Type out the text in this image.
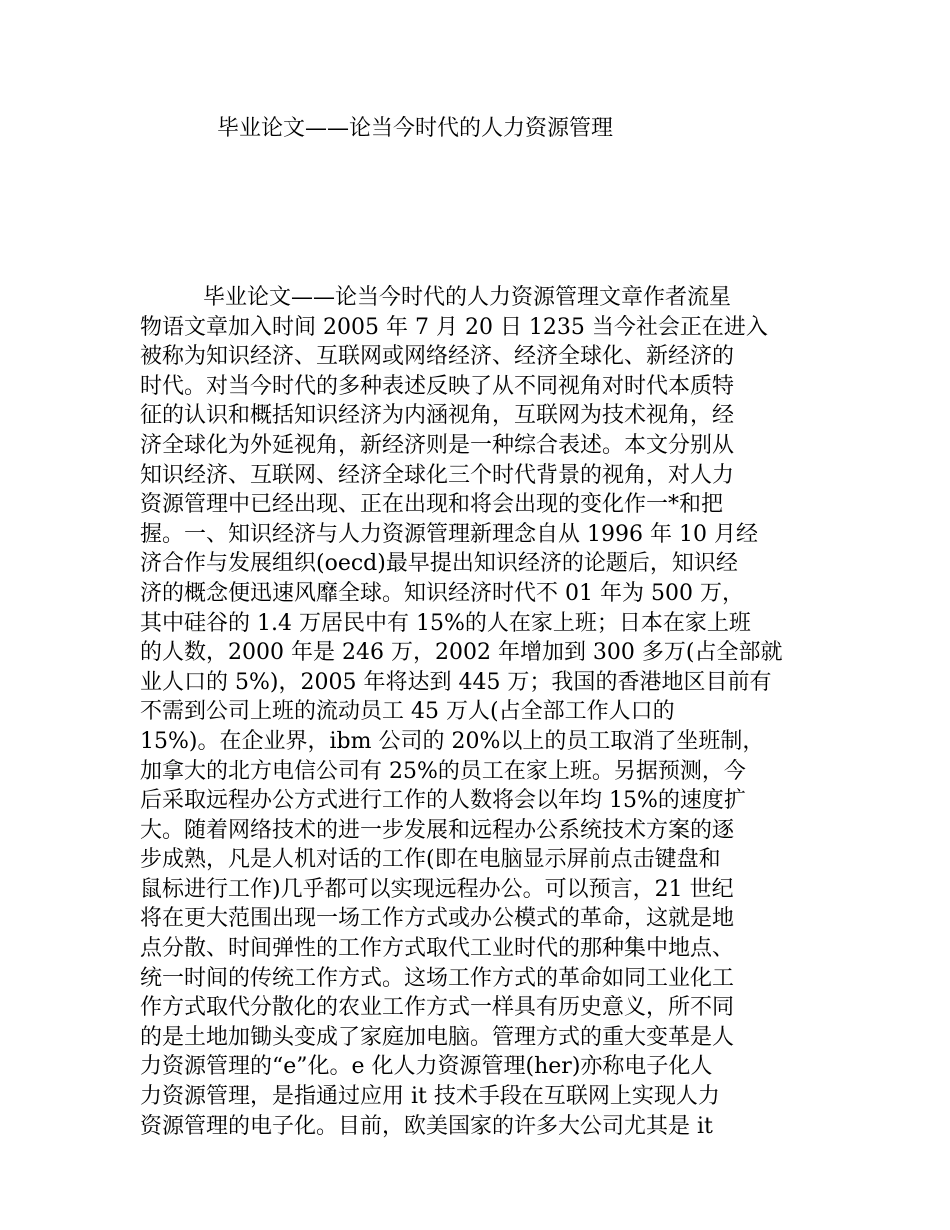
毕业论文——论当今时代的人力资源管理
毕业论文——论当今时代的人力资源管理文章作者流星
物语文章加入时间 2005 年 7 月 20 日 1235 当今社会正在进入
被称为知识经济、互联网或网络经济、经济全球化、新经济的
时代。对当今时代的多种表述反映了从不同视角对时代本质特
征的认识和概括知识经济为内涵视角，互联网为技术视角，经
济全球化为外延视角，新经济则是一种综合表述。本文分别从
知识经济、互联网、经济全球化三个时代背景的视角，对人力
资源管理中已经出现、正在出现和将会出现的变化作一*和把
握。一、知识经济与人力资源管理新理念自从 1996 年 10 月经
济合作与发展组织(oecd)最早提出知识经济的论题后，知识经
济的概念便迅速风靡全球。知识经济时代不 01 年为 500 万，
其中硅谷的 1.4 万居民中有 15%的人在家上班；日本在家上班
的人数，2000 年是 246 万，2002 年增加到 300 多万(占全部就
业人口的 5%)，2005 年将达到 445 万；我国的香港地区目前有
不需到公司上班的流动员工 45 万人(占全部工作人口的
15%)。在企业界，ibm 公司的 20%以上的员工取消了坐班制，
加拿大的北方电信公司有 25%的员工在家上班。另据预测，今
后采取远程办公方式进行工作的人数将会以年均 15%的速度扩
大。随着网络技术的进一步发展和远程办公系统技术方案的逐
步成熟，凡是人机对话的工作(即在电脑显示屏前点击键盘和
鼠标进行工作)几乎都可以实现远程办公。可以预言，21 世纪
将在更大范围出现一场工作方式或办公模式的革命，这就是地
点分散、时间弹性的工作方式取代工业时代的那种集中地点、
统一时间的传统工作方式。这场工作方式的革命如同工业化工
作方式取代分散化的农业工作方式一样具有历史意义，所不同
的是土地加锄头变成了家庭加电脑。管理方式的重大变革是人
力资源管理的“e”化。e 化人力资源管理(her)亦称电子化人
力资源管理，是指通过应用 it 技术手段在互联网上实现人力
资源管理的电子化。目前，欧美国家的许多大公司尤其是 it
